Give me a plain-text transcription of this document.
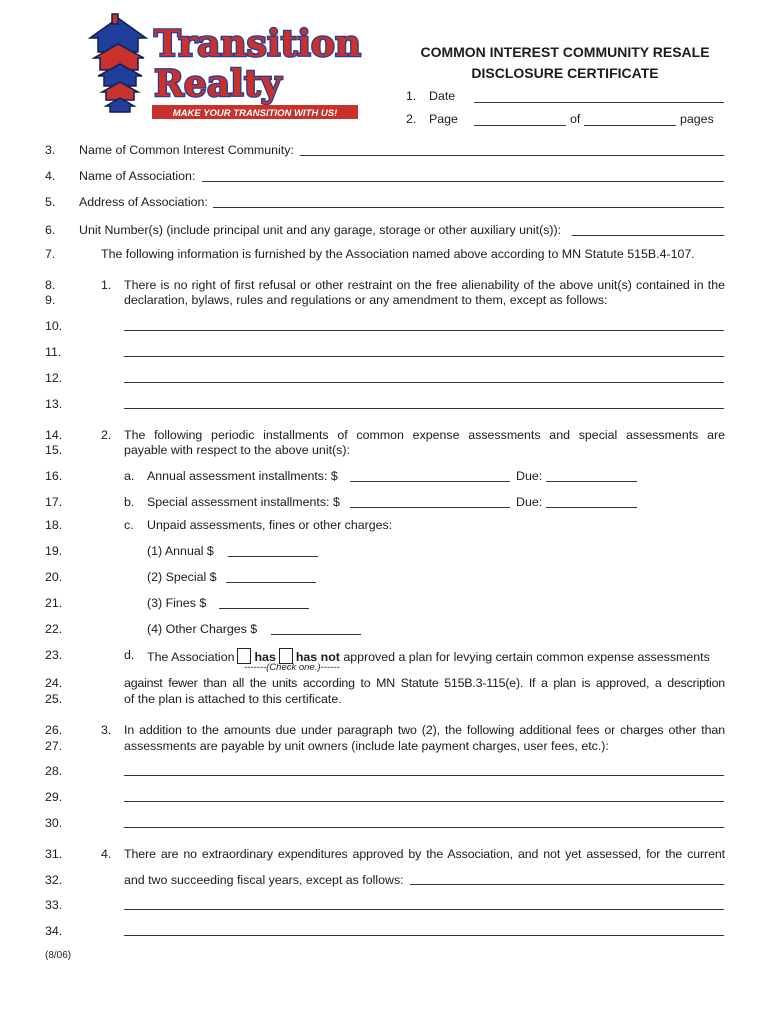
Transition
Realty
MAKE YOUR TRANSITION WITH US!
COMMON INTEREST COMMUNITY RESALE
DISCLOSURE CERTIFICATE
1. Date
2. Page	of	pages
3.	Name of Common Interest Community:
4.	Name of Association:
5.	Address of Association:
6.	Unit Number(s) (include principal unit and any garage, storage or other auxiliary unit(s)):
7.	The following information is furnished by the Association named above according to MN Statute 515B.4-107.
8.
9.
1. There is no right of first refusal or other restraint on the free alienability of the above unit(s) contained in the
declaration, bylaws, rules and regulations or any amendment to them, except as follows:
10.
11.
12.
13.
14.
15.
2. The following periodic installments of common expense assessments and special assessments are
payable with respect to the above unit(s):
16.	a. Annual assessment installments: $	Due:
17.	b. Special assessment installments: $	Due:
18.	c. Unpaid assessments, fines or other charges:
19.	(1) Annual $
20.	(2) Special $
21.	(3) Fines $
22.	(4) Other Charges $
23.	d. The Association has has not approved a plan for levying certain common expense assessments
-------(Check one.)------
24.
25.
against fewer than all the units according to MN Statute 515B.3-115(e). If a plan is approved, a description
of the plan is attached to this certificate.
26.
27.
3. In addition to the amounts due under paragraph two (2), the following additional fees or charges other than
assessments are payable by unit owners (include late payment charges, user fees, etc.):
28.
29.
30.
31.	4. There are no extraordinary expenditures approved by the Association, and not yet assessed, for the current
32.	and two succeeding fiscal years, except as follows:
33.
34.
(8/06)
